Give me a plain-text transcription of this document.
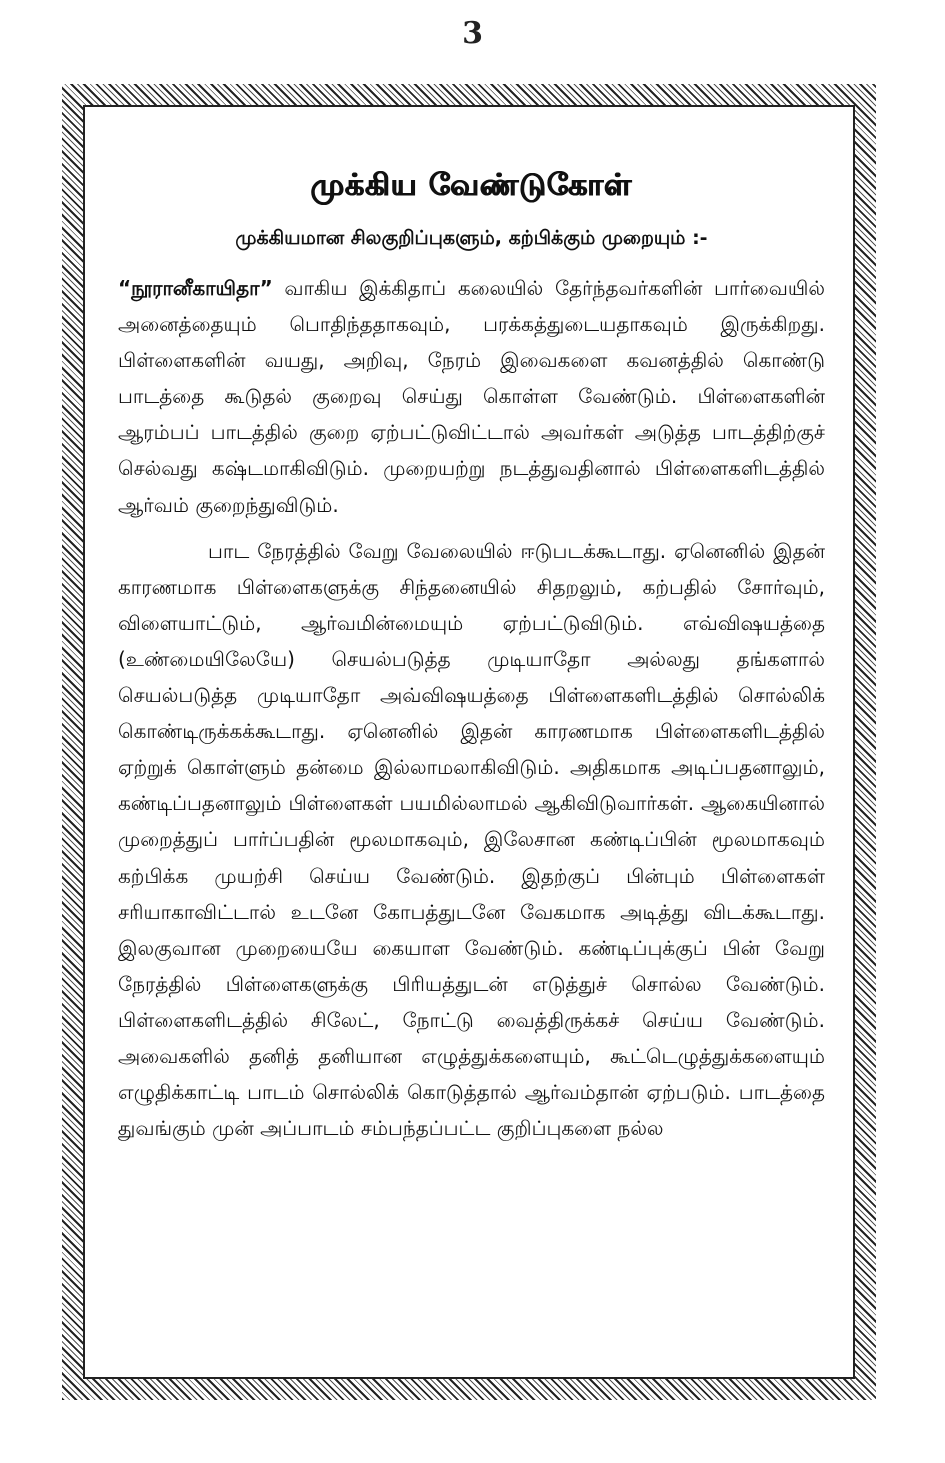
3
முக்கிய வேண்டுகோள்
முக்கியமான சிலகுறிப்புகளும், கற்பிக்கும் முறையும் :-

“நூரானீகாயிதா” வாகிய இக்கிதாப் கலையில் தேர்ந்தவர்களின் பார்வையில் அனைத்தையும் பொதிந்ததாகவும், பரக்கத்துடையதாகவும் இருக்கிறது. பிள்ளைகளின் வயது, அறிவு, நேரம் இவைகளை கவனத்தில் கொண்டு பாடத்தை கூடுதல் குறைவு செய்து கொள்ள வேண்டும். பிள்ளைகளின் ஆரம்பப் பாடத்தில் குறை ஏற்பட்டுவிட்டால் அவர்கள் அடுத்த பாடத்திற்குச் செல்வது கஷ்டமாகிவிடும். முறையற்று நடத்துவதினால் பிள்ளைகளிடத்தில் ஆர்வம் குறைந்துவிடும்.

பாட நேரத்தில் வேறு வேலையில் ஈடுபடக்கூடாது. ஏனெனில் இதன் காரணமாக பிள்ளைகளுக்கு சிந்தனையில் சிதறலும், கற்பதில் சோர்வும், விளையாட்டும், ஆர்வமின்மையும் ஏற்பட்டுவிடும். எவ்விஷயத்தை (உண்மையிலேயே) செயல்படுத்த முடியாதோ அல்லது தங்களால் செயல்படுத்த முடியாதோ அவ்விஷயத்தை பிள்ளைகளிடத்தில் சொல்லிக் கொண்டிருக்கக்கூடாது. ஏனெனில் இதன் காரணமாக பிள்ளைகளிடத்தில் ஏற்றுக் கொள்ளும் தன்மை இல்லாமலாகிவிடும். அதிகமாக அடிப்பதனாலும், கண்டிப்பதனாலும் பிள்ளைகள் பயமில்லாமல் ஆகிவிடுவார்கள். ஆகையினால் முறைத்துப் பார்ப்பதின் மூலமாகவும், இலேசான கண்டிப்பின் மூலமாகவும் கற்பிக்க முயற்சி செய்ய வேண்டும். இதற்குப் பின்பும் பிள்ளைகள் சரியாகாவிட்டால் உடனே கோபத்துடனே வேகமாக அடித்து விடக்கூடாது. இலகுவான முறையையே கையாள வேண்டும். கண்டிப்புக்குப் பின் வேறு நேரத்தில் பிள்ளைகளுக்கு பிரியத்துடன் எடுத்துச் சொல்ல வேண்டும். பிள்ளைகளிடத்தில் சிலேட், நோட்டு வைத்திருக்கச் செய்ய வேண்டும். அவைகளில் தனித் தனியான எழுத்துக்களையும், கூட்டெழுத்துக்களையும் எழுதிக்காட்டி பாடம் சொல்லிக் கொடுத்தால் ஆர்வம்தான் ஏற்படும். பாடத்தை துவங்கும் முன் அப்பாடம் சம்பந்தப்பட்ட குறிப்புகளை நல்ல
